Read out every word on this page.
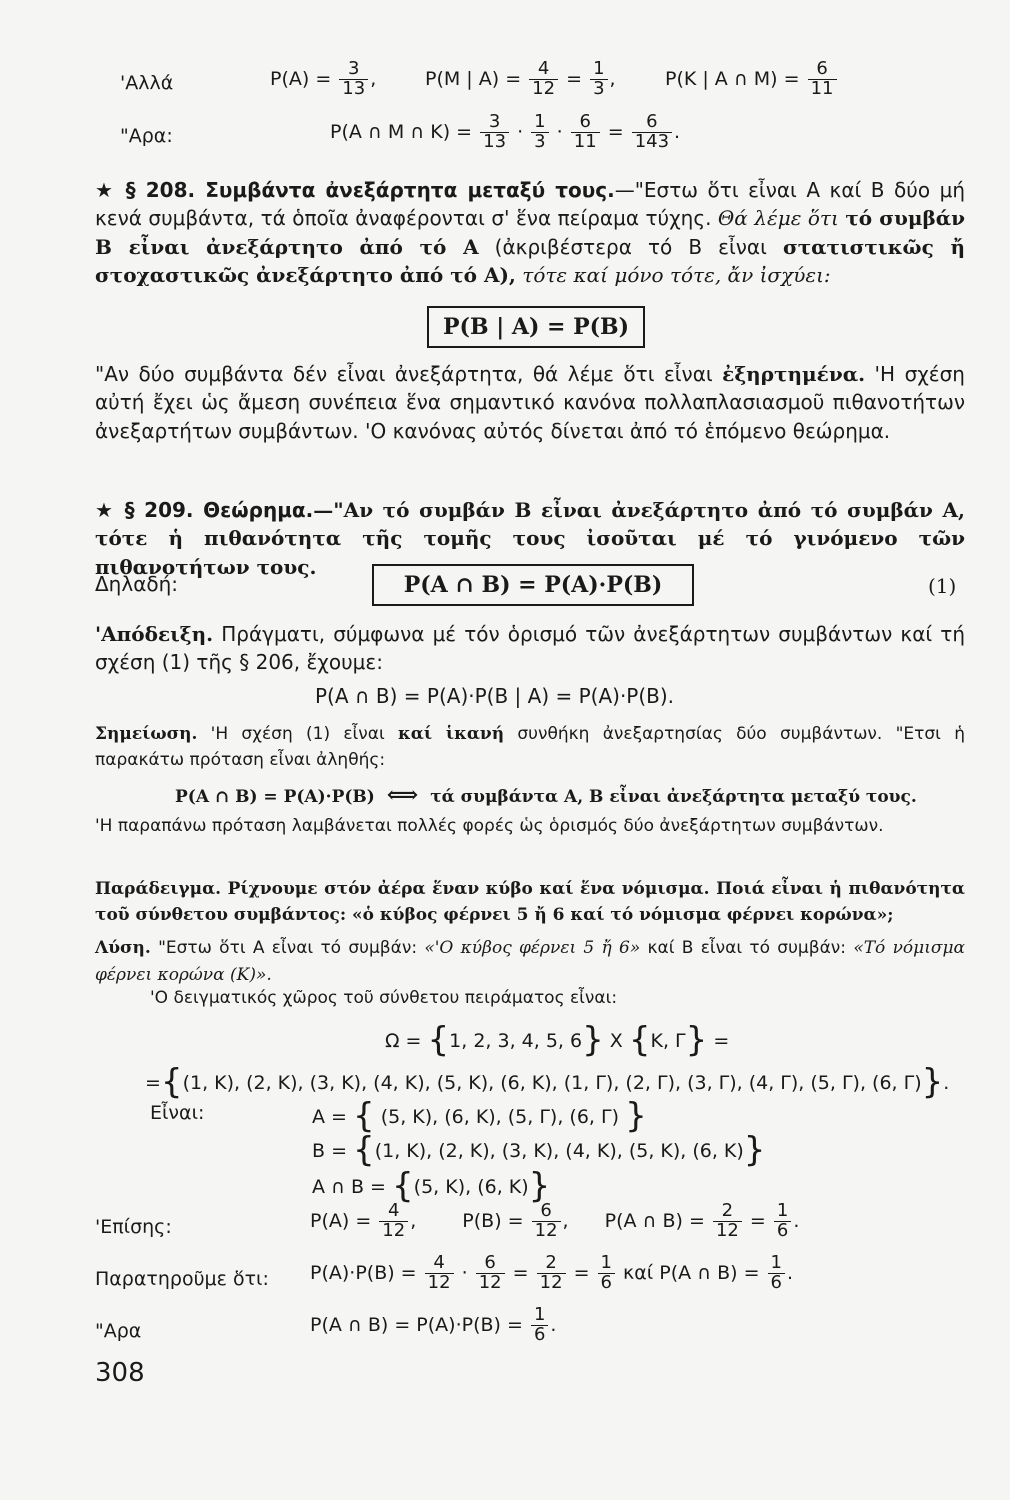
'Αλλά	$P(A) = \frac{3}{13}$ ,	P(M | $A) = \frac{4}{12} = \frac{1}{3}$ ,	P(K | A ∩ $M) = \frac{6}{11}$
"Αρα:	P(A ∩ M ∩ $K) = \frac{3}{13} \cdot \frac{1}{3} \cdot \frac{6}{11} = \frac{6}{143}$ .
★ § 208. Συμβάντα ἀνεξάρτητα μεταξύ τους.—"Εστω ὅτι εἶναι Α καί Β δύο μή κενά συμβάντα, τά ὁποῖα ἀναφέρονται σ' ἕνα πείραμα τύχης. Θά λέμε ὅτι τό συμβάν B εἶναι ἀνεξάρτητο ἀπό τό A (ἀκριβέστερα τό Β εἶναι στατιστικῶς ἤ στοχαστικῶς ἀνεξάρτητο ἀπό τό A), τότε καί μόνο τότε, ἄν ἰσχύει:
P(B | A) = P(B)
"Αν δύο συμβάντα δέν εἶναι ἀνεξάρτητα, θά λέμε ὅτι εἶναι ἐξηρτημένα. 'Η σχέση αὐτή ἔχει ὡς ἄμεση συνέπεια ἕνα σημαντικό κανόνα πολλαπλασιασμοῦ πιθανοτήτων ἀνεξαρτήτων συμβάντων. 'Ο κανόνας αὐτός δίνεται ἀπό τό ἑπόμενο θεώρημα.
★ § 209. Θεώρημα.—"Αν τό συμβάν Β εἶναι ἀνεξάρτητο ἀπό τό συμβάν A, τότε ἡ πιθανότητα τῆς τομῆς τους ἰσοῦται μέ τό γινόμενο τῶν πιθανοτήτων τους.
Δηλαδή:	P(A ∩ B) = P(A)·P(B)	(1)
'Απόδειξη. Πράγματι, σύμφωνα μέ τόν ὁρισμό τῶν ἀνεξάρτητων συμβάντων καί τή σχέση (1) τῆς § 206, ἔχουμε:
P(A ∩ B) = P(A)·P(B | A) = P(A)·P(B).
Σημείωση. 'Η σχέση (1) εἶναι καί ἱκανή συνθήκη ἀνεξαρτησίας δύο συμβάντων. "Ετσι ἡ παρακάτω πρόταση εἶναι ἀληθής:
P(A ∩ B) = P(A)·P(B) ⟺ τά συμβάντα A, B εἶναι ἀνεξάρτητα μεταξύ τους.
'Η παραπάνω πρόταση λαμβάνεται πολλές φορές ὡς ὁρισμός δύο ἀνεξάρτητων συμβάντων.
Παράδειγμα. Ρίχνουμε στόν ἀέρα ἕναν κύβο καί ἕνα νόμισμα. Ποιά εἶναι ἡ πιθανότητα τοῦ σύνθετου συμβάντος: «ὁ κύβος φέρνει 5 ἤ 6 καί τό νόμισμα φέρνει κορώνα»;
Λύση. "Εστω ὅτι Α εἶναι τό συμβάν: «'Ο κύβος φέρνει 5 ἤ 6» καί Β εἶναι τό συμβάν: «Τό νόμισμα φέρνει κορώνα (K)».
'Ο δειγματικός χῶρος τοῦ σύνθετου πειράματος εἶναι:
Ω = {1, 2, 3, 4, 5, 6} X {K, Γ} =
={(1, K), (2, K), (3, K), (4, K), (5, K), (6, K), (1, Γ), (2, Γ), (3, Γ), (4, Γ), (5, Γ), (6, Γ)}.
Εἶναι:	A = { (5, K), (6, K), (5, Γ), (6, Γ) }
B = {(1, K), (2, K), (3, K), (4, K), (5, K), (6, K)}
A ∩ B = {(5, K), (6, K)}
'Επίσης:	$P(A) = \frac{4}{12}$ , $P(B) = \frac{6}{12}$ , P(A ∩ $B) = \frac{2}{12} = \frac{1}{6}$ .
Παρατηροῦμε ὅτι: $P(A)\cdot P(B) = \frac{4}{12} \cdot \frac{6}{12} = \frac{2}{12} = \frac{1}{6}$ καί P(A ∩ $B) = \frac{1}{6}$ .
"Αρα	P(A ∩ $B) = P(A)\cdot P(B) = \frac{1}{6}$ .
308
